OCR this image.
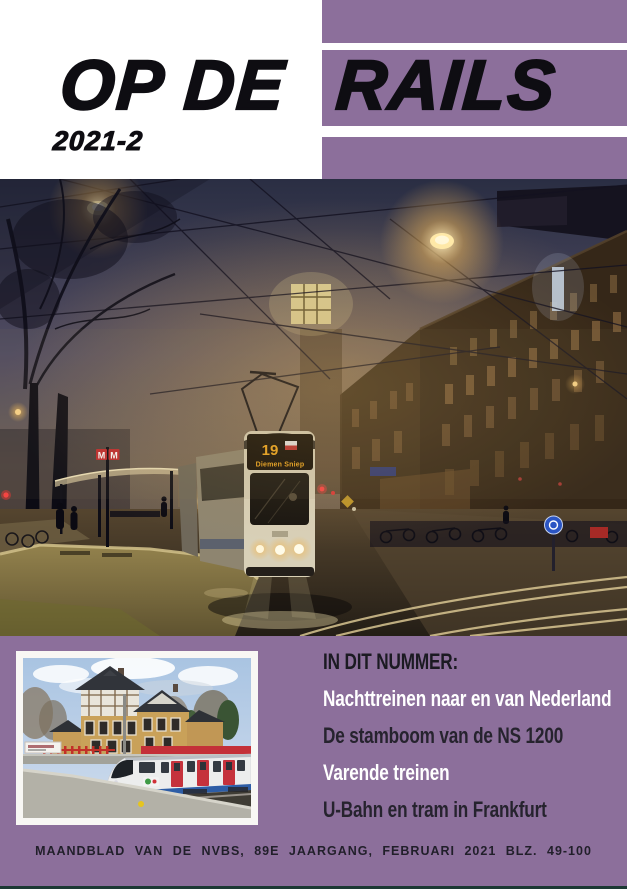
OP DE RAILS
2021-2
IN DIT NUMMER:
Nachttreinen naar en van Nederland
De stamboom van de NS 1200
Varende treinen
U-Bahn en tram in Frankfurt
MAANDBLAD VAN DE NVBS, 89E JAARGANG, FEBRUARI 2021 BLZ. 49-100
